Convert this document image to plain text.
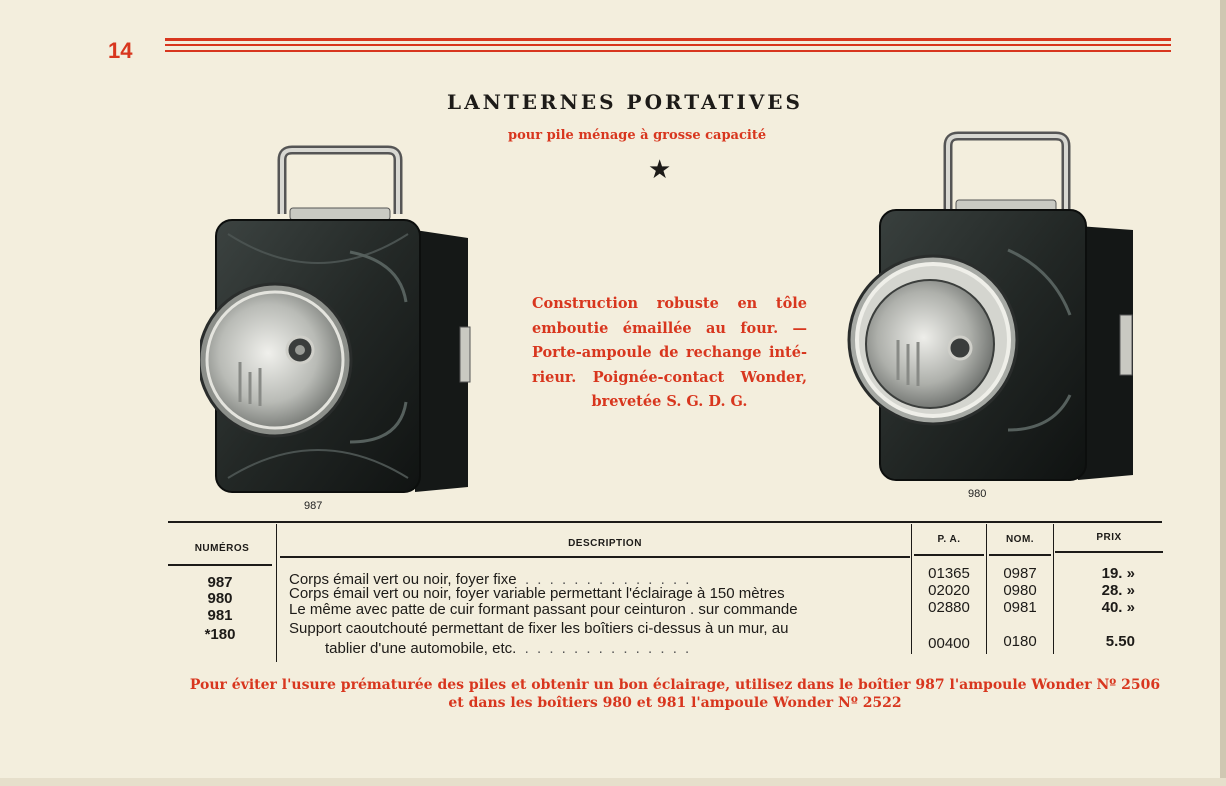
14
LANTERNES PORTATIVES
pour pile ménage à grosse capacité
★
987
980
Construction robuste en tôle
emboutie émaillée au four. —
Porte-ampoule de rechange inté-
rieur. Poignée-contact Wonder,
brevetée S. G. D. G.
NUMÉROS	DESCRIPTION	P. A.	NOM.	PRIX
987	Corps émail vert ou noir, foyer fixe . . . . . . . . . . . . . .	01365	0987	19. »
980	Corps émail vert ou noir, foyer variable permettant l'éclairage à 150 mètres	02020	0980	28. »
981	Le même avec patte de cuir formant passant pour ceinturon . sur commande	02880	0981	40. »
*180	Support caoutchouté permettant de fixer les boîtiers ci-dessus à un mur, au
tablier d'une automobile, etc. . . . . . . . . . . . . . .	00400	0180	5.50
Pour éviter l'usure prématurée des piles et obtenir un bon éclairage, utilisez dans le boîtier 987 l'ampoule Wonder Nº 2506
et dans les boîtiers 980 et 981 l'ampoule Wonder Nº 2522
